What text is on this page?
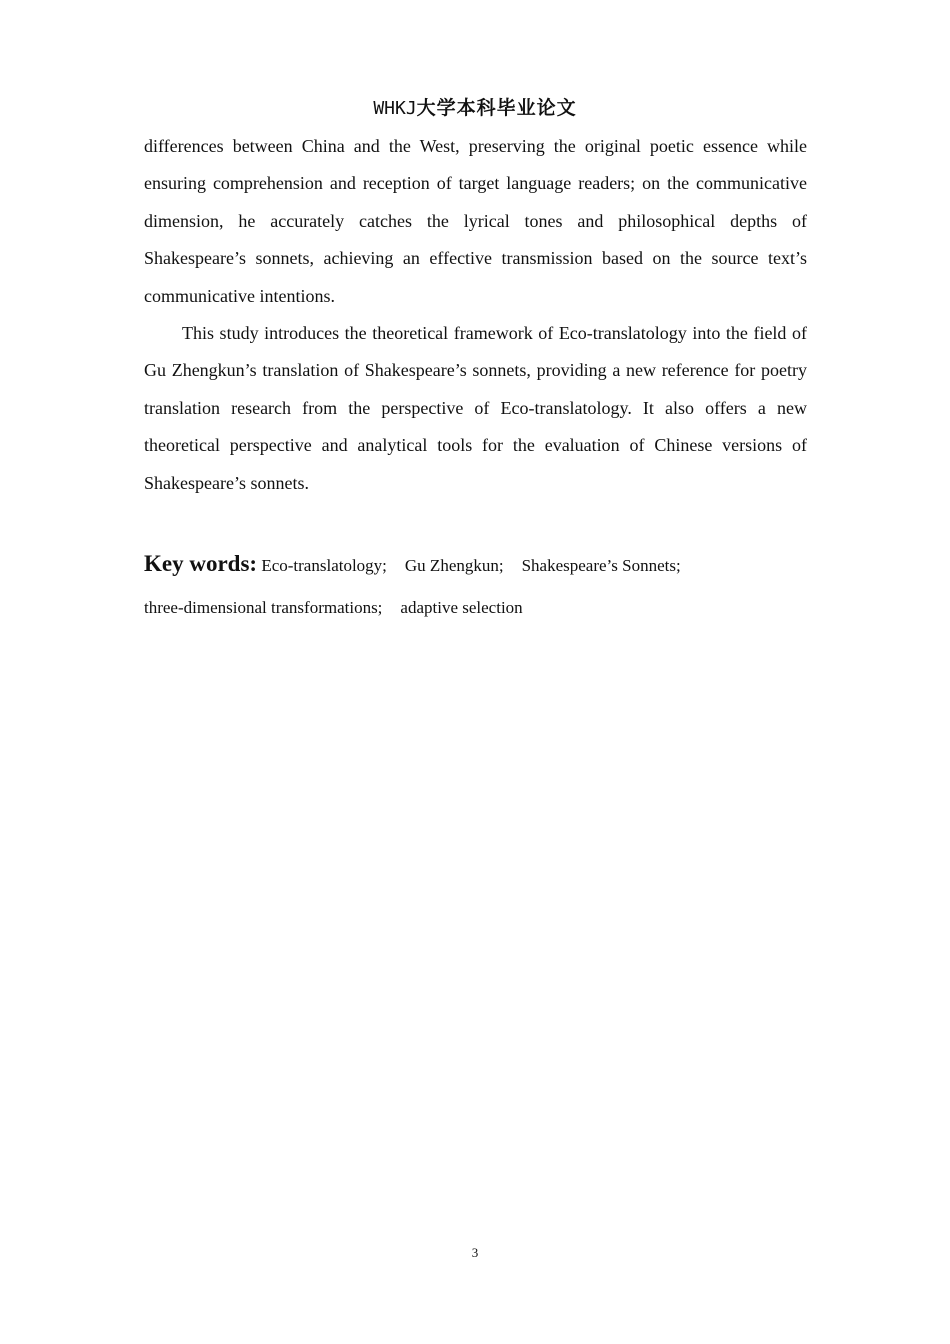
WHKJ大学本科毕业论文

differences between China and the West, preserving the original poetic essence while ensuring comprehension and reception of target language readers; on the communicative dimension, he accurately catches the lyrical tones and philosophical depths of Shakespeare’s sonnets, achieving an effective transmission based on the source text’s communicative intentions.

This study introduces the theoretical framework of Eco-translatology into the field of Gu Zhengkun’s translation of Shakespeare’s sonnets, providing a new reference for poetry translation research from the perspective of Eco-translatology. It also offers a new theoretical perspective and analytical tools for the evaluation of Chinese versions of Shakespeare’s sonnets.

Key words: Eco-translatology; Gu Zhengkun; Shakespeare’s Sonnets;
three-dimensional transformations; adaptive selection
3
